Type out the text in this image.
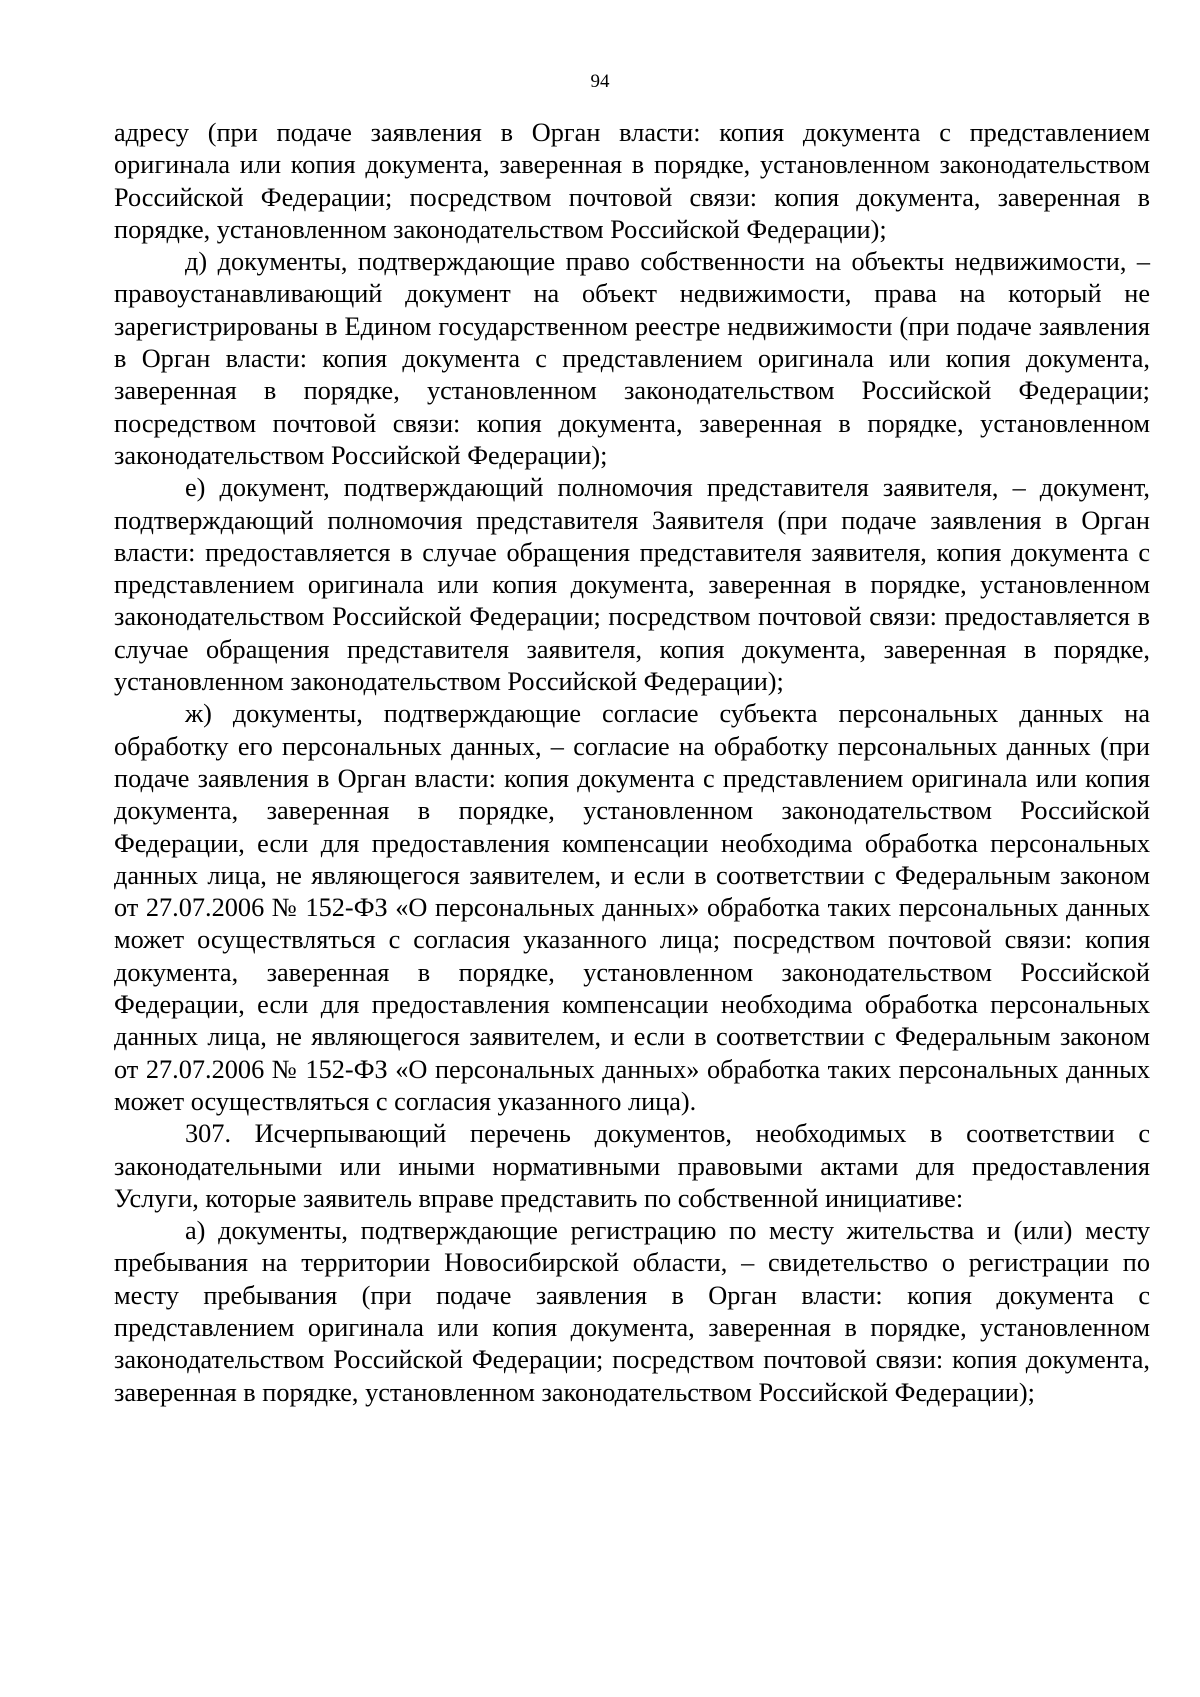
94

адресу (при подаче заявления в Орган власти: копия документа с представлением оригинала или копия документа, заверенная в порядке, установленном законодательством Российской Федерации; посредством почтовой связи: копия документа, заверенная в порядке, установленном законодательством Российской Федерации);

д) документы, подтверждающие право собственности на объекты недвижимости, – правоустанавливающий документ на объект недвижимости, права на который не зарегистрированы в Едином государственном реестре недвижимости (при подаче заявления в Орган власти: копия документа с представлением оригинала или копия документа, заверенная в порядке, установленном законодательством Российской Федерации; посредством почтовой связи: копия документа, заверенная в порядке, установленном законодательством Российской Федерации);

е) документ, подтверждающий полномочия представителя заявителя, – документ, подтверждающий полномочия представителя Заявителя (при подаче заявления в Орган власти: предоставляется в случае обращения представителя заявителя, копия документа с представлением оригинала или копия документа, заверенная в порядке, установленном законодательством Российской Федерации; посредством почтовой связи: предоставляется в случае обращения представителя заявителя, копия документа, заверенная в порядке, установленном законодательством Российской Федерации);

ж) документы, подтверждающие согласие субъекта персональных данных на обработку его персональных данных, – согласие на обработку персональных данных (при подаче заявления в Орган власти: копия документа с представлением оригинала или копия документа, заверенная в порядке, установленном законодательством Российской Федерации, если для предоставления компенсации необходима обработка персональных данных лица, не являющегося заявителем, и если в соответствии с Федеральным законом от 27.07.2006 № 152-ФЗ «О персональных данных» обработка таких персональных данных может осуществляться с согласия указанного лица; посредством почтовой связи: копия документа, заверенная в порядке, установленном законодательством Российской Федерации, если для предоставления компенсации необходима обработка персональных данных лица, не являющегося заявителем, и если в соответствии с Федеральным законом от 27.07.2006 № 152-ФЗ «О персональных данных» обработка таких персональных данных может осуществляться с согласия указанного лица).

307. Исчерпывающий перечень документов, необходимых в соответствии с законодательными или иными нормативными правовыми актами для предоставления Услуги, которые заявитель вправе представить по собственной инициативе:

а) документы, подтверждающие регистрацию по месту жительства и (или) месту пребывания на территории Новосибирской области, – свидетельство о регистрации по месту пребывания (при подаче заявления в Орган власти: копия документа с представлением оригинала или копия документа, заверенная в порядке, установленном законодательством Российской Федерации; посредством почтовой связи: копия документа, заверенная в порядке, установленном законодательством Российской Федерации);
